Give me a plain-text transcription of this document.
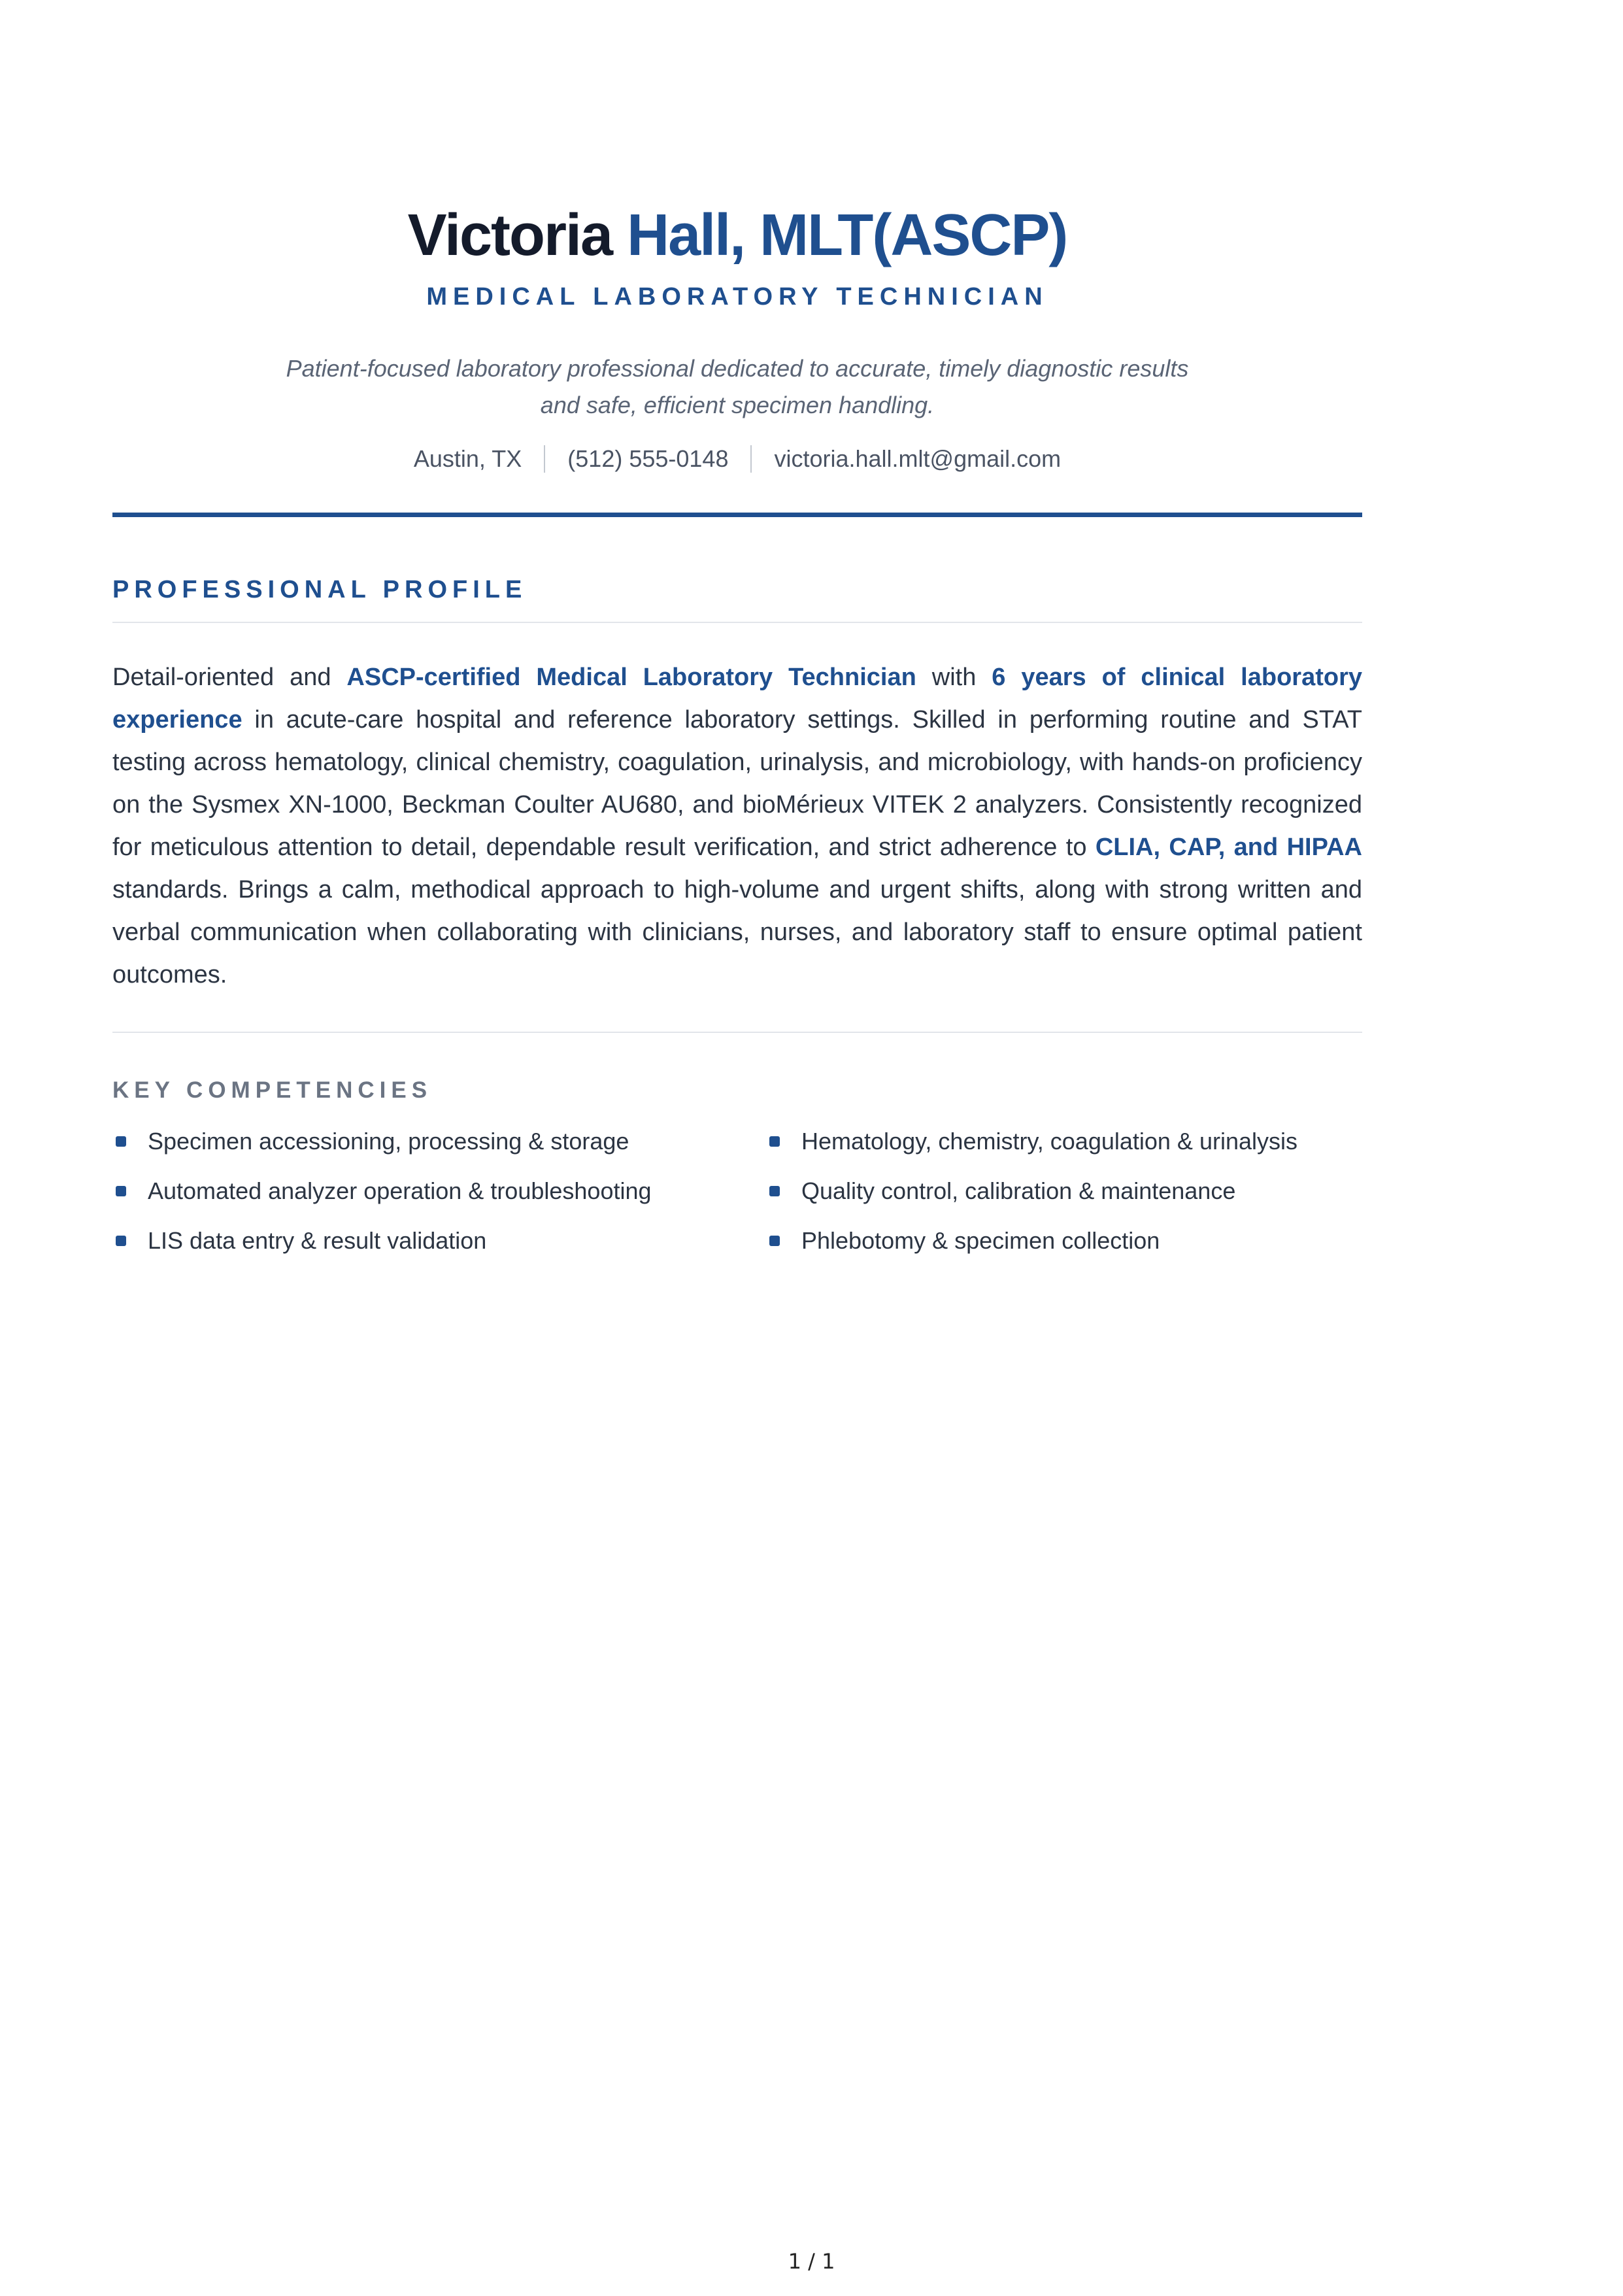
Victoria Hall, MLT(ASCP)
MEDICAL LABORATORY TECHNICIAN
Patient-focused laboratory professional dedicated to accurate, timely diagnostic results and safe, efficient specimen handling.
Austin, TX (512) 555-0148 victoria.hall.mlt@gmail.com
PROFESSIONAL PROFILE

Detail-oriented and ASCP-certified Medical Laboratory Technician with 6 years of clinical laboratory experience in acute-care hospital and reference laboratory settings. Skilled in performing routine and STAT testing across hematology, clinical chemistry, coagulation, urinalysis, and microbiology, with hands-on proficiency on the Sysmex XN-1000, Beckman Coulter AU680, and bioMérieux VITEK 2 analyzers. Consistently recognized for meticulous attention to detail, dependable result verification, and strict adherence to CLIA, CAP, and HIPAA standards. Brings a calm, methodical approach to high-volume and urgent shifts, along with strong written and verbal communication when collaborating with clinicians, nurses, and laboratory staff to ensure optimal patient outcomes.

KEY COMPETENCIES
Specimen accessioning, processing & storage	Hematology, chemistry, coagulation & urinalysis
Automated analyzer operation & troubleshooting	Quality control, calibration & maintenance
LIS data entry & result validation	Phlebotomy & specimen collection
1 / 1
